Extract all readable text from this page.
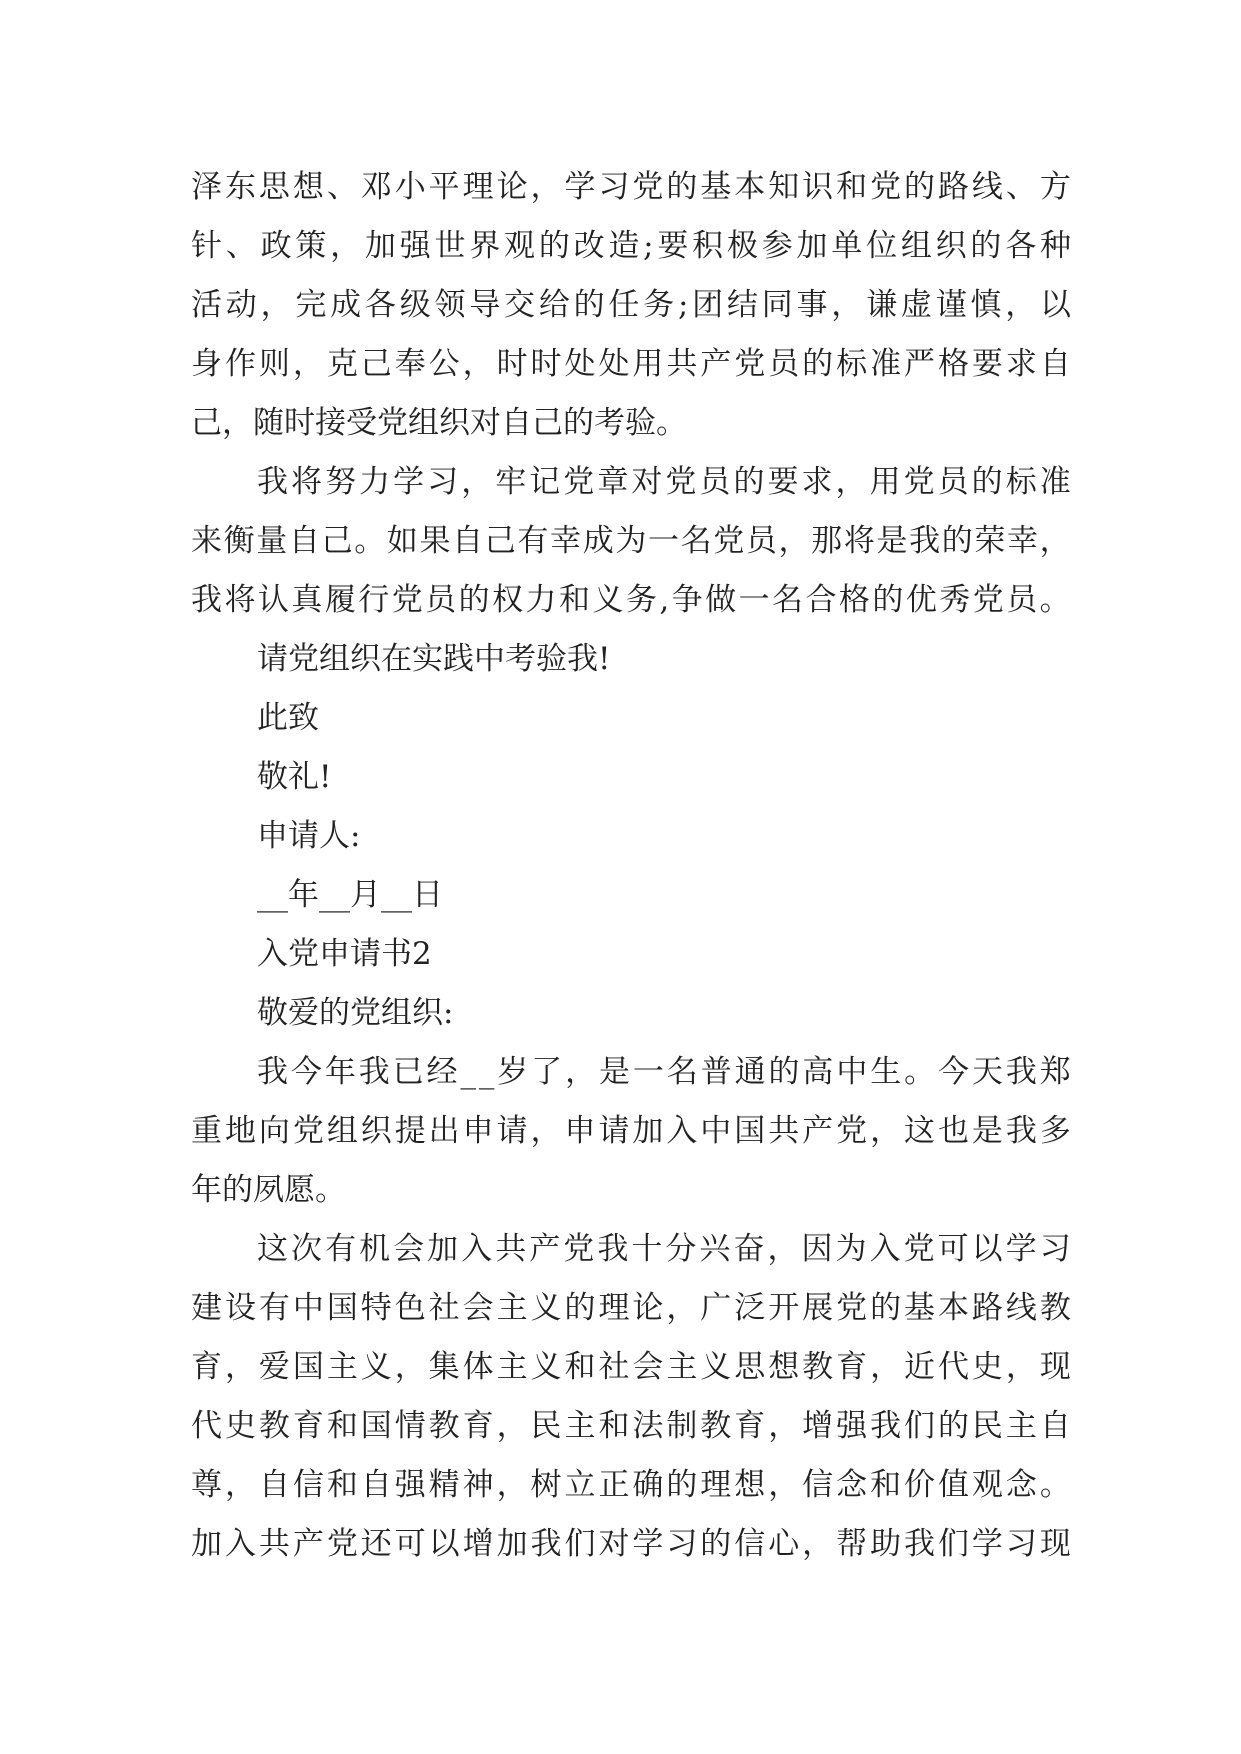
泽 东 思 想 、 邓 小 平 理 论 ， 学 习 党 的 基 本 知 识 和 党 的 路 线 、 方
针 、 政 策 ， 加 强 世 界 观 的 改 造 ; 要 积 极 参 加 单 位 组 织 的 各 种
活 动 ， 完 成 各 级 领 导 交 给 的 任 务 ; 团 结 同 事 ， 谦 虚 谨 慎 ， 以
身 作 则 ， 克 己 奉 公 ， 时 时 处 处 用 共 产 党 员 的 标 准 严 格 要 求 自
己，随时接受党组织对自己的考验。
我 将 努 力 学 习 ， 牢 记 党 章 对 党 员 的 要 求 ， 用 党 员 的 标 准
来 衡 量 自 己 。 如 果 自 己 有 幸 成 为 一 名 党 员 ， 那 将 是 我 的 荣 幸 ，
我 将 认 真 履 行 党 员 的 权 力 和 义 务 , 争 做 一 名 合 格 的 优 秀 党 员 。
请党组织在实践中考验我!
此致
敬礼!
申请人:
__年__月__日
入党申请书2
敬爱的党组织:
我 今 年 我 已 经 _ _ 岁 了 ， 是 一 名 普 通 的 高 中 生 。 今 天 我 郑
重 地 向 党 组 织 提 出 申 请 ， 申 请 加 入 中 国 共 产 党 ， 这 也 是 我 多
年的夙愿。
这 次 有 机 会 加 入 共 产 党 我 十 分 兴 奋 ， 因 为 入 党 可 以 学 习
建 设 有 中 国 特 色 社 会 主 义 的 理 论 ， 广 泛 开 展 党 的 基 本 路 线 教
育 ， 爱 国 主 义 ， 集 体 主 义 和 社 会 主 义 思 想 教 育 ， 近 代 史 ， 现
代 史 教 育 和 国 情 教 育 ， 民 主 和 法 制 教 育 ， 增 强 我 们 的 民 主 自
尊 ， 自 信 和 自 强 精 神 ， 树 立 正 确 的 理 想 ， 信 念 和 价 值 观 念 。
加 入 共 产 党 还 可 以 增 加 我 们 对 学 习 的 信 心 ， 帮 助 我 们 学 习 现
